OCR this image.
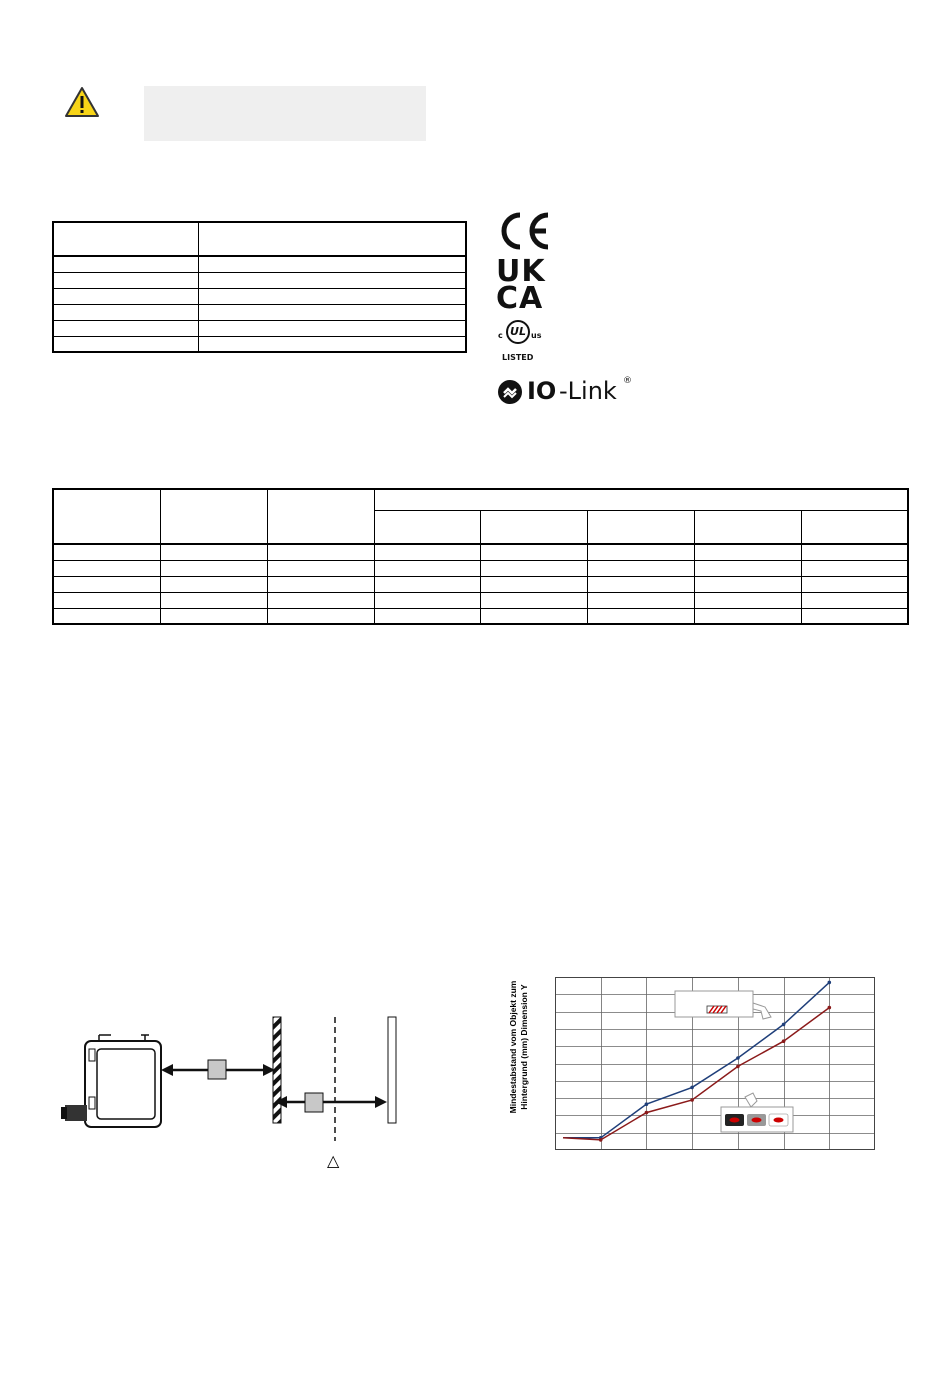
UK
CA
c UL us
LISTED
IO -Link ®

△
Mindestabstand vom Objekt zum Hintergrund (mm) Dimension Y
